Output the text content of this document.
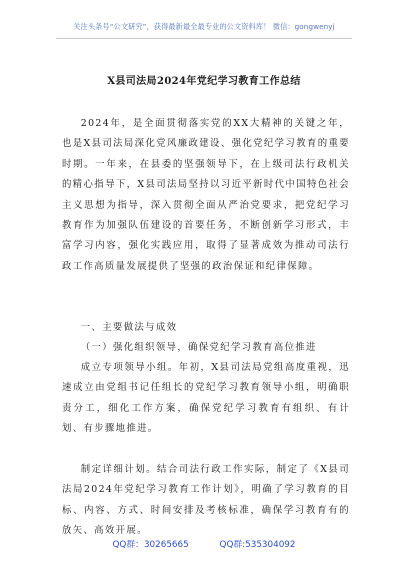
关注头条号“公文研究”，获得最新最全最专业的公文资料库！ 微信：gongwenyj
X县司法局2024年党纪学习教育工作总结

2024年，是全面贯彻落实党的XX大精神的关键之年，也是X县司法局深化党风廉政建设、强化党纪学习教育的重要时期。一年来，在县委的坚强领导下，在上级司法行政机关的精心指导下，X县司法局坚持以习近平新时代中国特色社会主义思想为指导，深入贯彻全面从严治党要求，把党纪学习教育作为加强队伍建设的首要任务，不断创新学习形式，丰富学习内容，强化实践应用，取得了显著成效为推动司法行政工作高质量发展提供了坚强的政治保证和纪律保障。

一、主要做法与成效

（一）强化组织领导，确保党纪学习教育高位推进

成立专项领导小组。年初，X县司法局党组高度重视，迅速成立由党组书记任组长的党纪学习教育领导小组，明确职责分工，细化工作方案，确保党纪学习教育有组织、有计划、有步骤地推进。

制定详细计划。结合司法行政工作实际，制定了《X县司法局2024年党纪学习教育工作计划》，明确了学习教育的目标、内容、方式、时间安排及考核标准，确保学习教育有的放矢、高效开展。

QQ群：30265665	QQ群:535304092
